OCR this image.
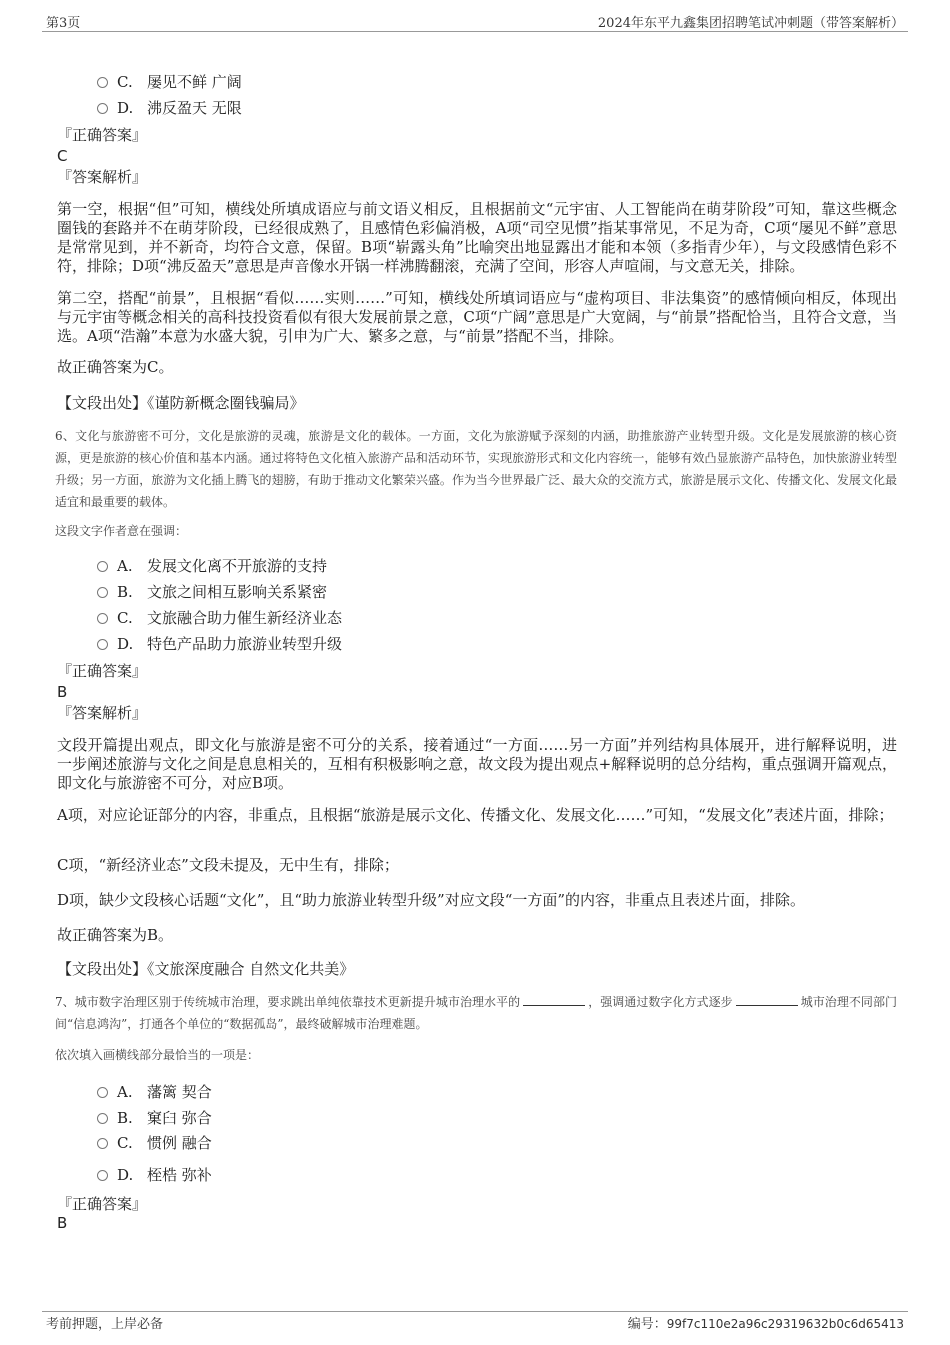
第3页	2024年东平九鑫集团招聘笔试冲刺题（带答案解析）
C. 屡见不鲜 广阔
D. 沸反盈天 无限
『正确答案』
C
『答案解析』
第一空，根据“但”可知，横线处所填成语应与前文语义相反，且根据前文“元宇宙、人工智能尚在萌芽阶段”可知，靠这些概念圈钱的套路并不在萌芽阶段，已经很成熟了，且感情色彩偏消极，A项“司空见惯”指某事常见，不足为奇，C项“屡见不鲜”意思是常常见到，并不新奇，均符合文意，保留。B项“崭露头角”比喻突出地显露出才能和本领（多指青少年），与文段感情色彩不符，排除；D项“沸反盈天”意思是声音像水开锅一样沸腾翻滚，充满了空间，形容人声喧闹，与文意无关，排除。
第二空，搭配“前景”，且根据“看似……实则……”可知，横线处所填词语应与“虚构项目、非法集资”的感情倾向相反，体现出与元宇宙等概念相关的高科技投资看似有很大发展前景之意，C项“广阔”意思是广大宽阔，与“前景”搭配恰当，且符合文意，当选。A项“浩瀚”本意为水盛大貌，引申为广大、繁多之意，与“前景”搭配不当，排除。
故正确答案为C。
【文段出处】《谨防新概念圈钱骗局》
6、文化与旅游密不可分，文化是旅游的灵魂，旅游是文化的载体。一方面，文化为旅游赋予深刻的内涵，助推旅游产业转型升级。文化是发展旅游的核心资源，更是旅游的核心价值和基本内涵。通过将特色文化植入旅游产品和活动环节，实现旅游形式和文化内容统一，能够有效凸显旅游产品特色，加快旅游业转型升级；另一方面，旅游为文化插上腾飞的翅膀，有助于推动文化繁荣兴盛。作为当今世界最广泛、最大众的交流方式，旅游是展示文化、传播文化、发展文化最适宜和最重要的载体。
这段文字作者意在强调：
A. 发展文化离不开旅游的支持
B. 文旅之间相互影响关系紧密
C. 文旅融合助力催生新经济业态
D. 特色产品助力旅游业转型升级
『正确答案』
B
『答案解析』
文段开篇提出观点，即文化与旅游是密不可分的关系，接着通过“一方面……另一方面”并列结构具体展开，进行解释说明，进一步阐述旅游与文化之间是息息相关的，互相有积极影响之意，故文段为提出观点+解释说明的总分结构，重点强调开篇观点，即文化与旅游密不可分，对应B项。
A项，对应论证部分的内容，非重点，且根据“旅游是展示文化、传播文化、发展文化……”可知，“发展文化”表述片面，排除；
C项，“新经济业态”文段未提及，无中生有，排除；
D项，缺少文段核心话题“文化”，且“助力旅游业转型升级”对应文段“一方面”的内容，非重点且表述片面，排除。
故正确答案为B。
【文段出处】《文旅深度融合 自然文化共美》
7、城市数字治理区别于传统城市治理，要求跳出单纯依靠技术更新提升城市治理水平的	，强调通过数字化方式逐步	城市治理不同部门间“信息鸿沟”，打通各个单位的“数据孤岛”，最终破解城市治理难题。
依次填入画横线部分最恰当的一项是：
A. 藩篱 契合
B. 窠臼 弥合
C. 惯例 融合
D. 桎梏 弥补
『正确答案』
B
考前押题，上岸必备	编号：99f7c110e2a96c29319632b0c6d65413
